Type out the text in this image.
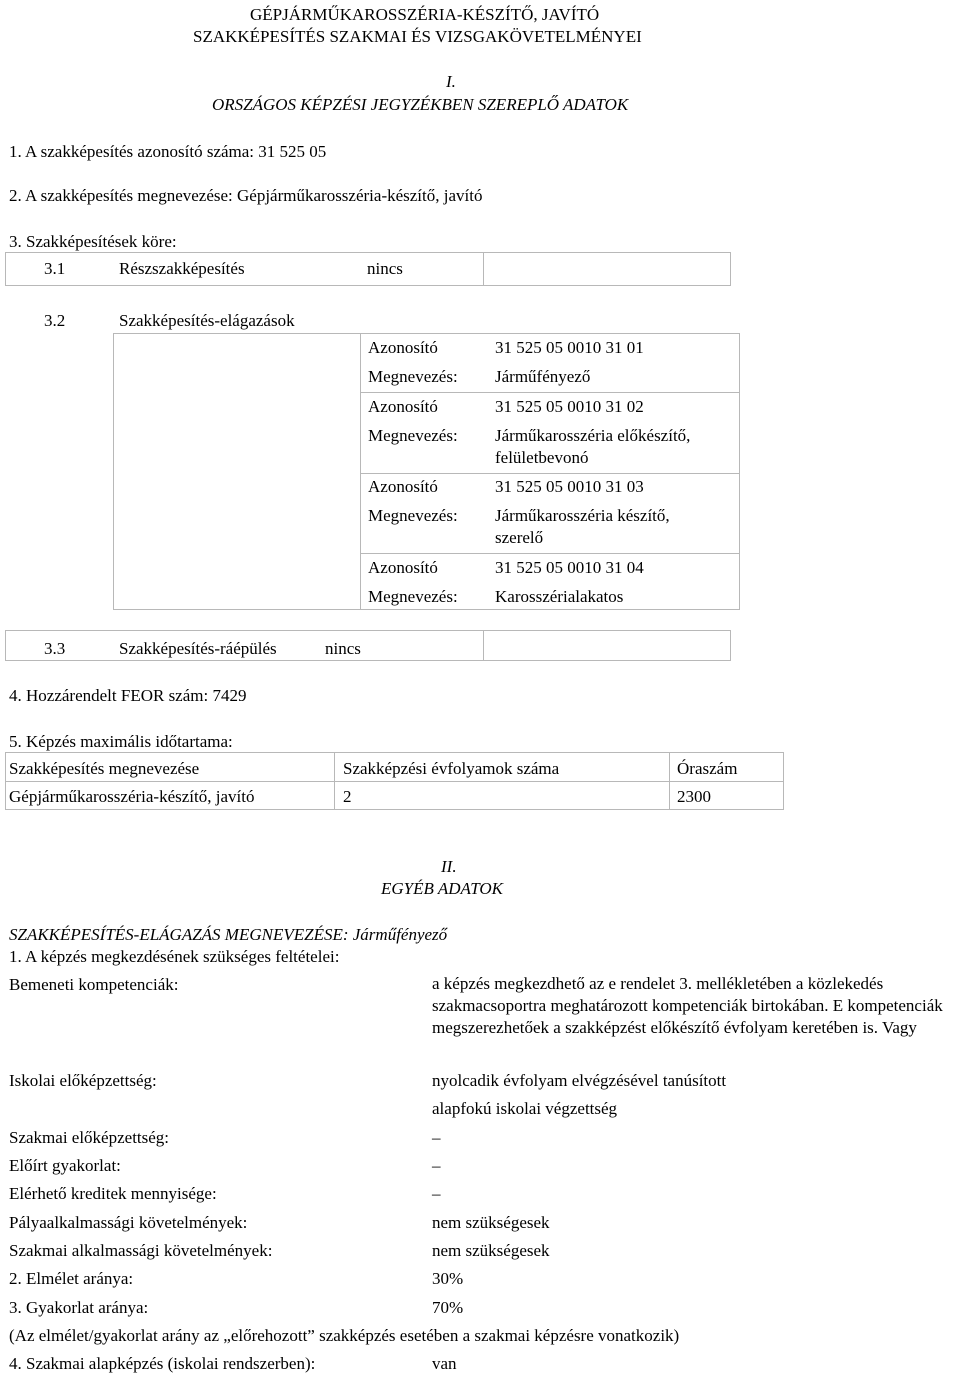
GÉPJÁRMŰKAROSSZÉRIA-KÉSZÍTŐ, JAVÍTÓ
SZAKKÉPESÍTÉS SZAKMAI ÉS VIZSGAKÖVETELMÉNYEI
I.
ORSZÁGOS KÉPZÉSI JEGYZÉKBEN SZEREPLŐ ADATOK
1. A szakképesítés azonosító száma: 31 525 05
2. A szakképesítés megnevezése: Gépjárműkarosszéria-készítő, javító
3. Szakképesítések köre:
3.1	Részszakképesítés	nincs
3.2	Szakképesítés-elágazások
Azonosító	31 525 05 0010 31 01
Megnevezés: Járműfényező
Azonosító	31 525 05 0010 31 02
Megnevezés: Járműkarosszéria előkészítő,
felületbevonó
Azonosító	31 525 05 0010 31 03
Megnevezés: Járműkarosszéria készítő,
szerelő
Azonosító	31 525 05 0010 31 04
Megnevezés: Karosszérialakatos
3.3	Szakképesítés-ráépülés	nincs
4. Hozzárendelt FEOR szám: 7429
5. Képzés maximális időtartama:
Szakképesítés megnevezése	Szakképzési évfolyamok száma	Óraszám
Gépjárműkarosszéria-készítő, javító	2	2300
II.
EGYÉB ADATOK
SZAKKÉPESÍTÉS-ELÁGAZÁS MEGNEVEZÉSE: Járműfényező
1. A képzés megkezdésének szükséges feltételei:
Bemeneti kompetenciák:	a képzés megkezdhető az e rendelet 3. mellékletében a közlekedés szakmacsoportra meghatározott kompetenciák birtokában. E kompetenciák megszerezhetőek a szakképzést előkészítő évfolyam keretében is. Vagy
Iskolai előképzettség:	nyolcadik évfolyam elvégzésével tanúsított
alapfokú iskolai végzettség
Szakmai előképzettség:	–
Előírt gyakorlat:	–
Elérhető kreditek mennyisége:	–
Pályaalkalmassági követelmények:	nem szükségesek
Szakmai alkalmassági követelmények:	nem szükségesek
2. Elmélet aránya:	30%
3. Gyakorlat aránya:	70%
(Az elmélet/gyakorlat arány az „előrehozott” szakképzés esetében a szakmai képzésre vonatkozik)
4. Szakmai alapképzés (iskolai rendszerben):	van
